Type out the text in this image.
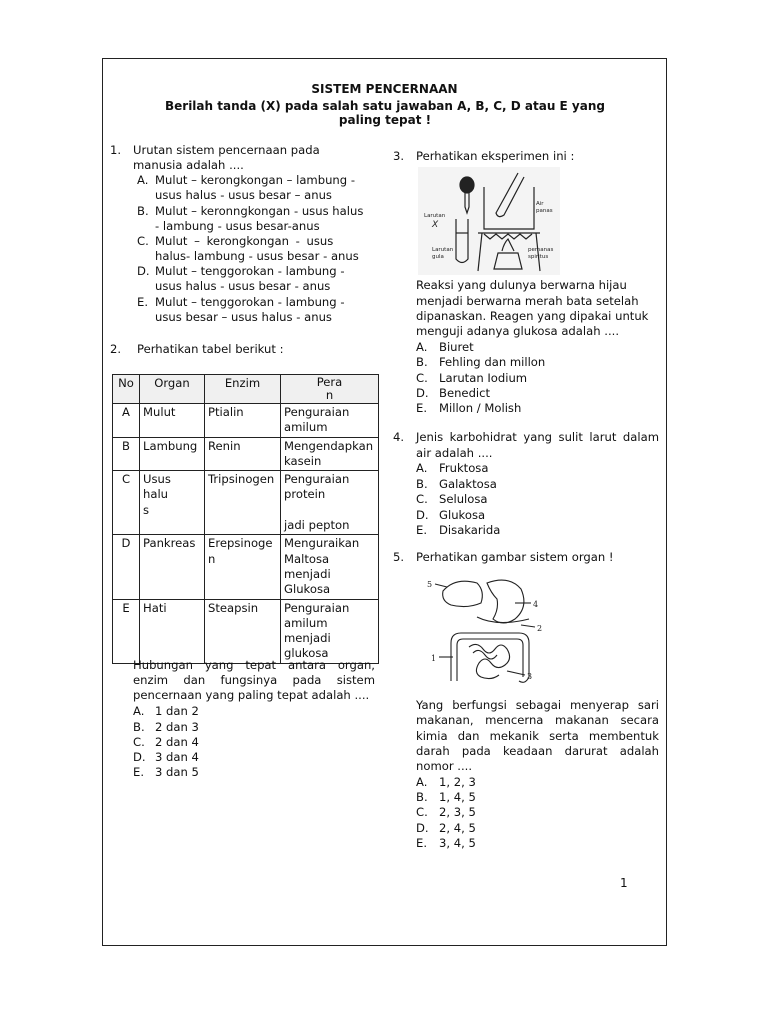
SISTEM PENCERNAAN
Berilah tanda (X) pada salah satu jawaban A, B, C, D atau E yang paling tepat !
1. Urutan sistem pencernaan pada
manusia adalah ....
A. Mulut – kerongkongan – lambung -
usus halus - usus besar – anus
B. Mulut – keronngkongan - usus halus
- lambung - usus besar-anus
C. Mulut – kerongkongan - usus
halus- lambung - usus besar - anus
D. Mulut – tenggorokan - lambung -
usus halus - usus besar - anus
E. Mulut – tenggorokan - lambung -
usus besar – usus halus - anus
2. Perhatikan tabel berikut :
No	Organ	Enzim	Pera
n
A	Mulut	Ptialin	Penguraian
amilum
B	Lambung	Renin	Mengendapkan
kasein
C	Usus
halu
s	Tripsinogen	Penguraian
protein

jadi pepton
D	Pankreas	Erepsinoge
n	Menguraikan
Maltosa
menjadi
Glukosa
E	Hati	Steapsin	Penguraian
amilum
menjadi
glukosa
Hubungan yang tepat antara organ,
enzim dan fungsinya pada sistem
pencernaan yang paling tepat adalah ....
A. 1 dan 2
B. 2 dan 3
C. 2 dan 4
D. 3 dan 4
E. 3 dan 5
3. Perhatikan eksperimen ini :
Larutan
X
Air
panas
Larutan
gula
pemanas
spiritus
Reaksi yang dulunya berwarna hijau
menjadi berwarna merah bata setelah
dipanaskan. Reagen yang dipakai untuk
menguji adanya glukosa adalah ....
A. Biuret
B. Fehling dan millon
C. Larutan Iodium
D. Benedict
E. Millon / Molish
4. Jenis karbohidrat yang sulit larut dalam
air adalah ....
A. Fruktosa
B. Galaktosa
C. Selulosa
D. Glukosa
E. Disakarida
5. Perhatikan gambar sistem organ !
5
4
2
1
3
Yang berfungsi sebagai menyerap sari
makanan, mencerna makanan secara
kimia dan mekanik serta membentuk
darah pada keadaan darurat adalah
nomor ....
A. 1, 2, 3
B. 1, 4, 5
C. 2, 3, 5
D. 2, 4, 5
E. 3, 4, 5
1
